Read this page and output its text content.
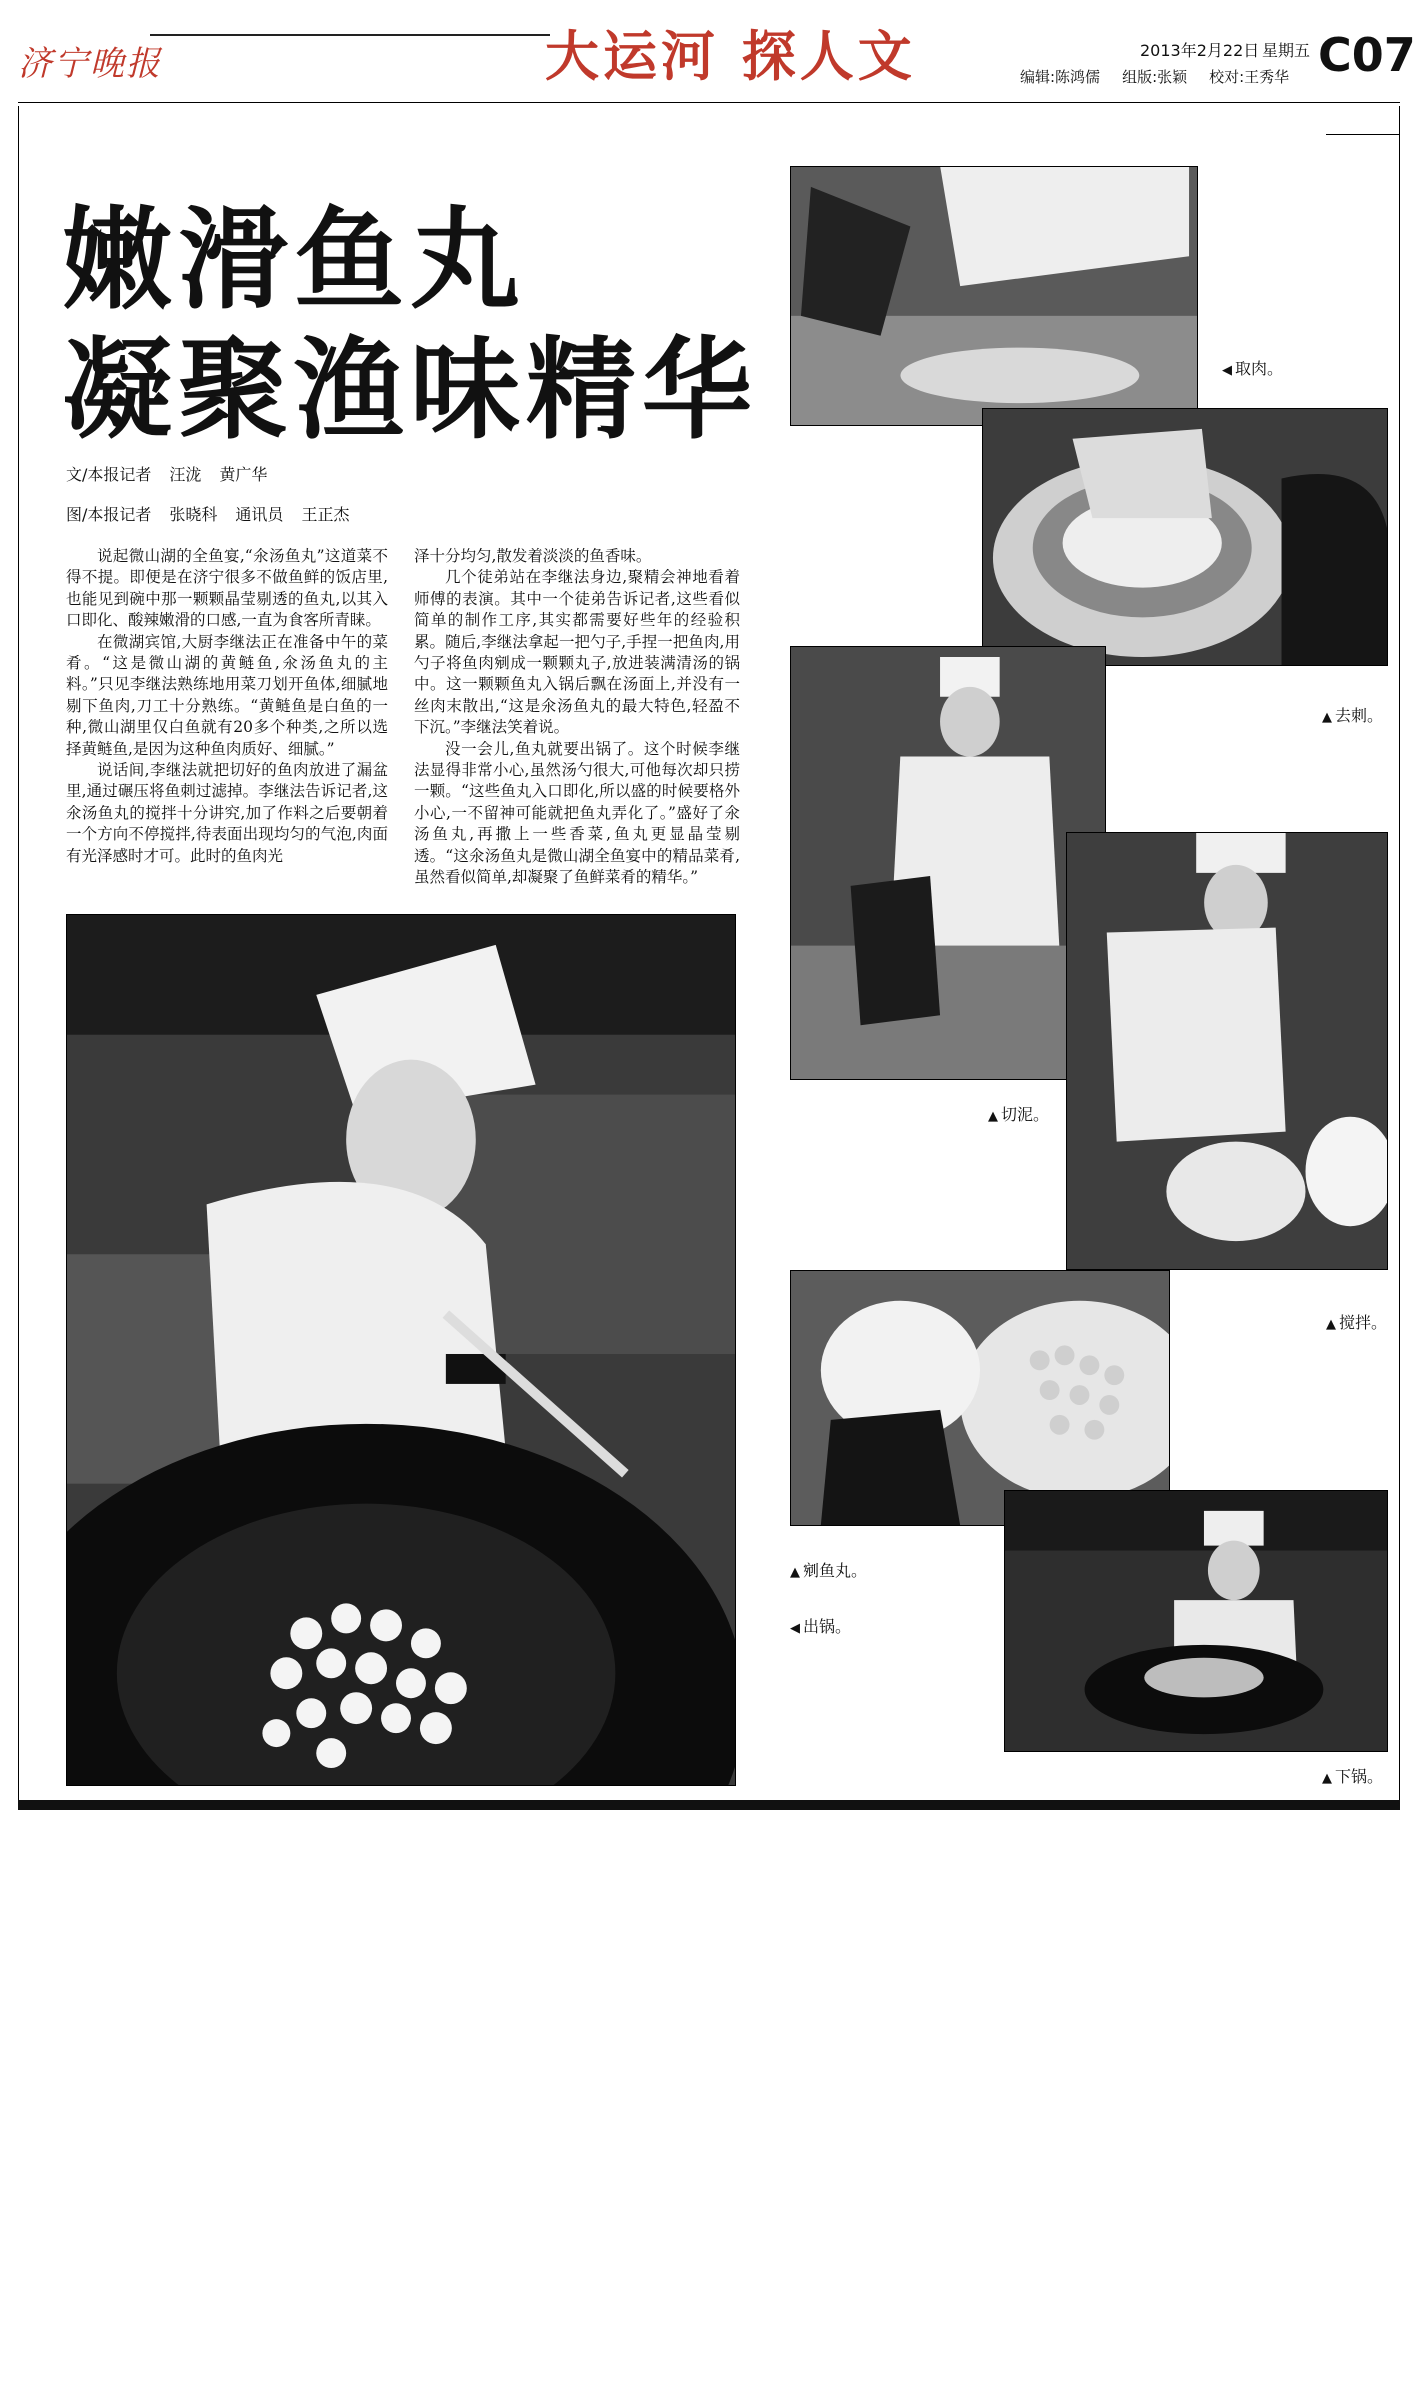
济宁晚报	大运河 探人文	2013年2月22日 星期五 C07
编辑:陈鸿儒 组版:张颖 校对:王秀华
嫩滑鱼丸
凝聚渔味精华
文/本报记者 汪泷 黄广华
图/本报记者 张晓科 通讯员 王正杰

说起微山湖的全鱼宴,“氽汤鱼丸”这道菜不得不提。即便是在济宁很多不做鱼鲜的饭店里,也能见到碗中那一颗颗晶莹剔透的鱼丸,以其入口即化、酸辣嫩滑的口感,一直为食客所青睐。

在微湖宾馆,大厨李继法正在准备中午的菜肴。“这是微山湖的黄鲢鱼,氽汤鱼丸的主料。”只见李继法熟练地用菜刀划开鱼体,细腻地剔下鱼肉,刀工十分熟练。“黄鲢鱼是白鱼的一种,微山湖里仅白鱼就有20多个种类,之所以选择黄鲢鱼,是因为这种鱼肉质好、细腻。”

说话间,李继法就把切好的鱼肉放进了漏盆里,通过碾压将鱼刺过滤掉。李继法告诉记者,这氽汤鱼丸的搅拌十分讲究,加了作料之后要朝着一个方向不停搅拌,待表面出现均匀的气泡,肉面有光泽感时才可。此时的鱼肉光

泽十分均匀,散发着淡淡的鱼香味。

几个徒弟站在李继法身边,聚精会神地看着师傅的表演。其中一个徒弟告诉记者,这些看似简单的制作工序,其实都需要好些年的经验积累。随后,李继法拿起一把勺子,手捏一把鱼肉,用勺子将鱼肉剜成一颗颗丸子,放进装满清汤的锅中。这一颗颗鱼丸入锅后飘在汤面上,并没有一丝肉末散出,“这是氽汤鱼丸的最大特色,轻盈不下沉。”李继法笑着说。

没一会儿,鱼丸就要出锅了。这个时候李继法显得非常小心,虽然汤勺很大,可他每次却只捞一颗。“这些鱼丸入口即化,所以盛的时候要格外小心,一不留神可能就把鱼丸弄化了。”盛好了氽汤鱼丸,再撒上一些香菜,鱼丸更显晶莹剔透。“这氽汤鱼丸是微山湖全鱼宴中的精品菜肴,虽然看似简单,却凝聚了鱼鲜菜肴的精华。”

◀ 取肉。
▲ 去刺。
▲ 切泥。
▲ 搅拌。
▲ 剜鱼丸。
◀ 出锅。
▲ 下锅。
